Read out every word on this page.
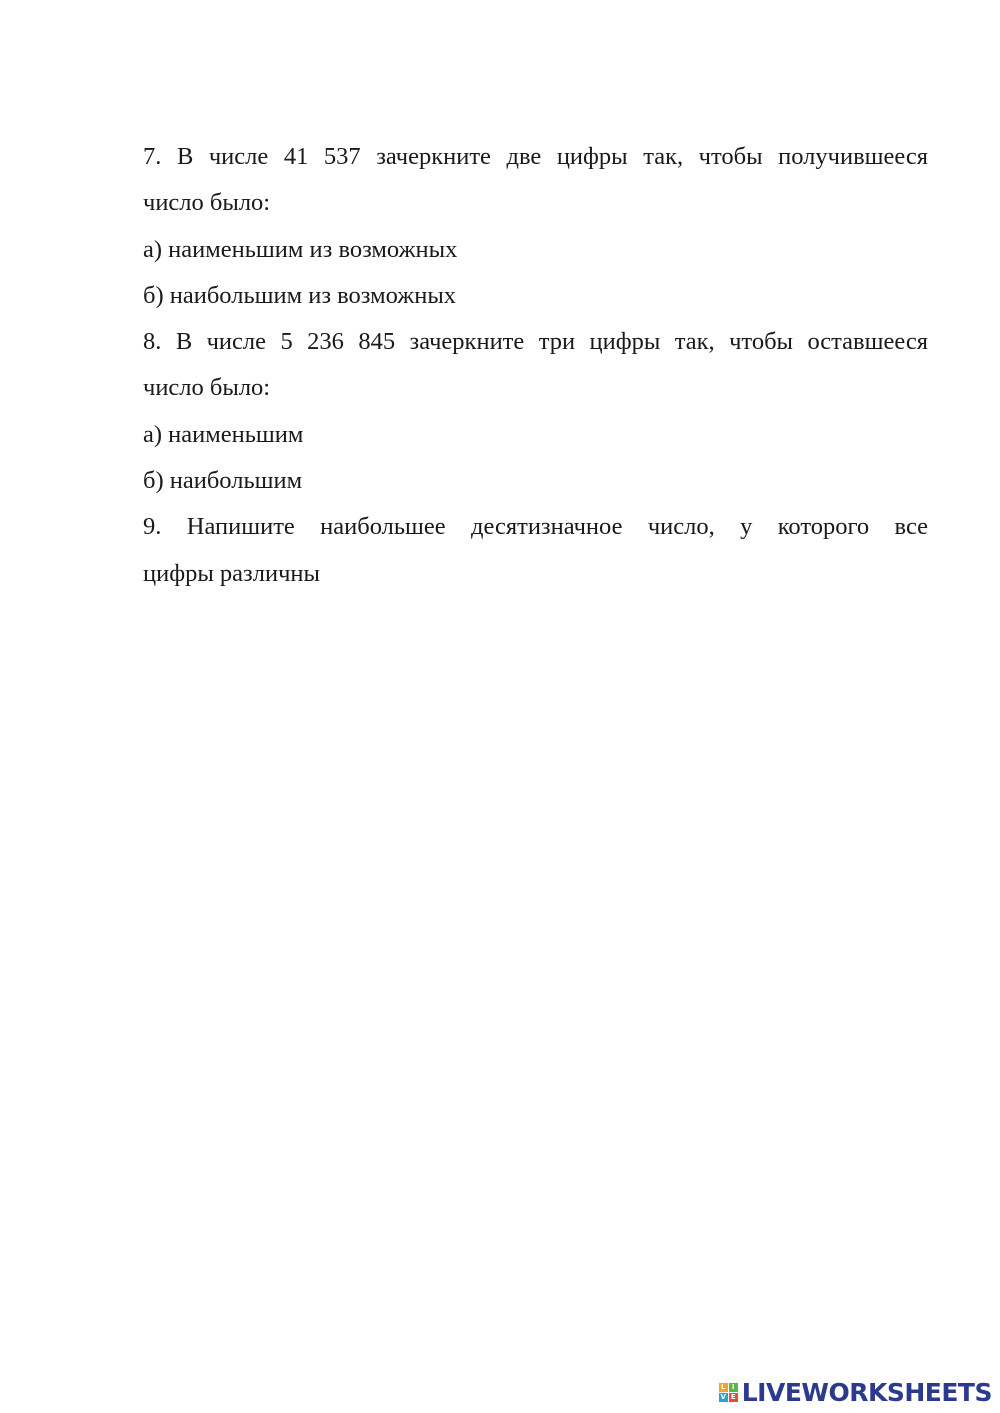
7. В числе 41 537 зачеркните две цифры так, чтобы получившееся
число было:
а) наименьшим из возможных
б) наибольшим из возможных
8. В числе 5 236 845 зачеркните три цифры так, чтобы оставшееся
число было:
а) наименьшим
б) наибольшим
9. Напишите наибольшее десятизначное число, у которого все
цифры различны
L I
V E LIVEWORKSHEETS
